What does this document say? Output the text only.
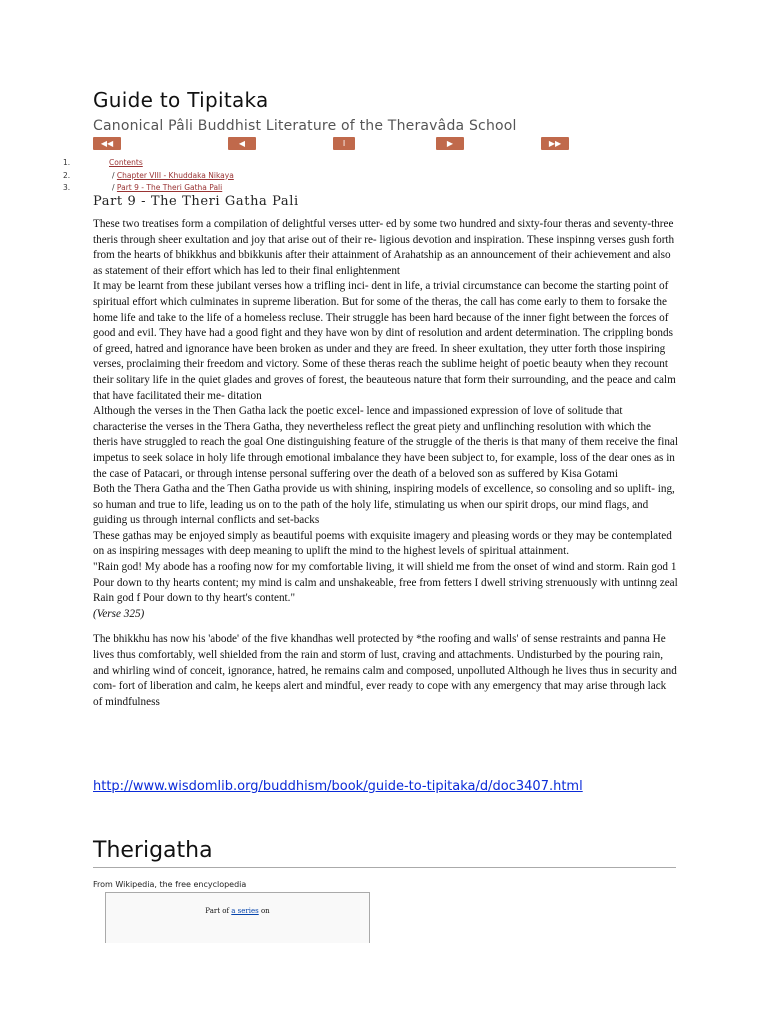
Guide to Tipitaka
Canonical Pâli Buddhist Literature of the Theravâda School
◀◀	◀	I	▶	▶▶
1.	Contents
2.	/ Chapter VIII - Khuddaka Nikaya
3.	/ Part 9 - The Theri Gatha Pali
Part 9 - The Theri Gatha Pali

These two treatises form a compilation of delightful verses utter- ed by some two hundred and sixty-four theras and seventy-three theris through sheer exultation and joy that arise out of their re- ligious devotion and inspiration. These inspinng verses gush forth from the hearts of bhikkhus and bbikkunis after their attainment of Arahatship as an announcement of their achievement and also as statement of their effort which has led to their final enlightenment

It may be learnt from these jubilant verses how a trifling inci- dent in life, a trivial circumstance can become the starting point of spiritual effort which culminates in supreme liberation. But for some of the theras, the call has come early to them to forsake the home life and take to the life of a homeless recluse. Their struggle has been hard because of the inner fight between the forces of good and evil. They have had a good fight and they have won by dint of resolution and ardent determination. The crippling bonds of greed, hatred and ignorance have been broken as under and they are freed. In sheer exultation, they utter forth those inspiring verses, proclaiming their freedom and victory. Some of these theras reach the sublime height of poetic beauty when they recount their solitary life in the quiet glades and groves of forest, the beauteous nature that form their surrounding, and the peace and calm that have facilitated their me- ditation

Although the verses in the Then Gatha lack the poetic excel- lence and impassioned expression of love of solitude that characterise the verses in the Thera Gatha, they nevertheless reflect the great piety and unflinching resolution with which the theris have struggled to reach the goal One distinguishing feature of the struggle of the theris is that many of them receive the final impetus to seek solace in holy life through emotional imbalance they have been subject to, for example, loss of the dear ones as in the case of Patacari, or through intense personal suffering over the death of a beloved son as suffered by Kisa Gotami

Both the Thera Gatha and the Then Gatha provide us with shining, inspiring models of excellence, so consoling and so uplift- ing, so human and true to life, leading us on to the path of the holy life, stimulating us when our spirit drops, our mind flags, and guiding us through internal conflicts and set-backs

These gathas may be enjoyed simply as beautiful poems with exquisite imagery and pleasing words or they may be contemplated on as inspiring messages with deep meaning to uplift the mind to the highest levels of spiritual attainment.

"Rain god! My abode has a roofing now for my comfortable living, it will shield me from the onset of wind and storm. Rain god 1 Pour down to thy hearts content; my mind is calm and unshakeable, free from fetters I dwell striving strenuously with untinng zeal Rain god f Pour down to thy heart's content."

(Verse 325)

The bhikkhu has now his 'abode' of the five khandhas well protected by *the roofing and walls' of sense restraints and panna He lives thus comfortably, well shielded from the rain and storm of lust, craving and attachments. Undisturbed by the pouring rain, and whirling wind of conceit, ignorance, hatred, he remains calm and composed, unpolluted Although he lives thus in security and com- fort of liberation and calm, he keeps alert and mindful, ever ready to cope with any emergency that may arise through lack of mindfulness

http://www.wisdomlib.org/buddhism/book/guide-to-tipitaka/d/doc3407.html
Therigatha
From Wikipedia, the free encyclopedia
Part of a series on
